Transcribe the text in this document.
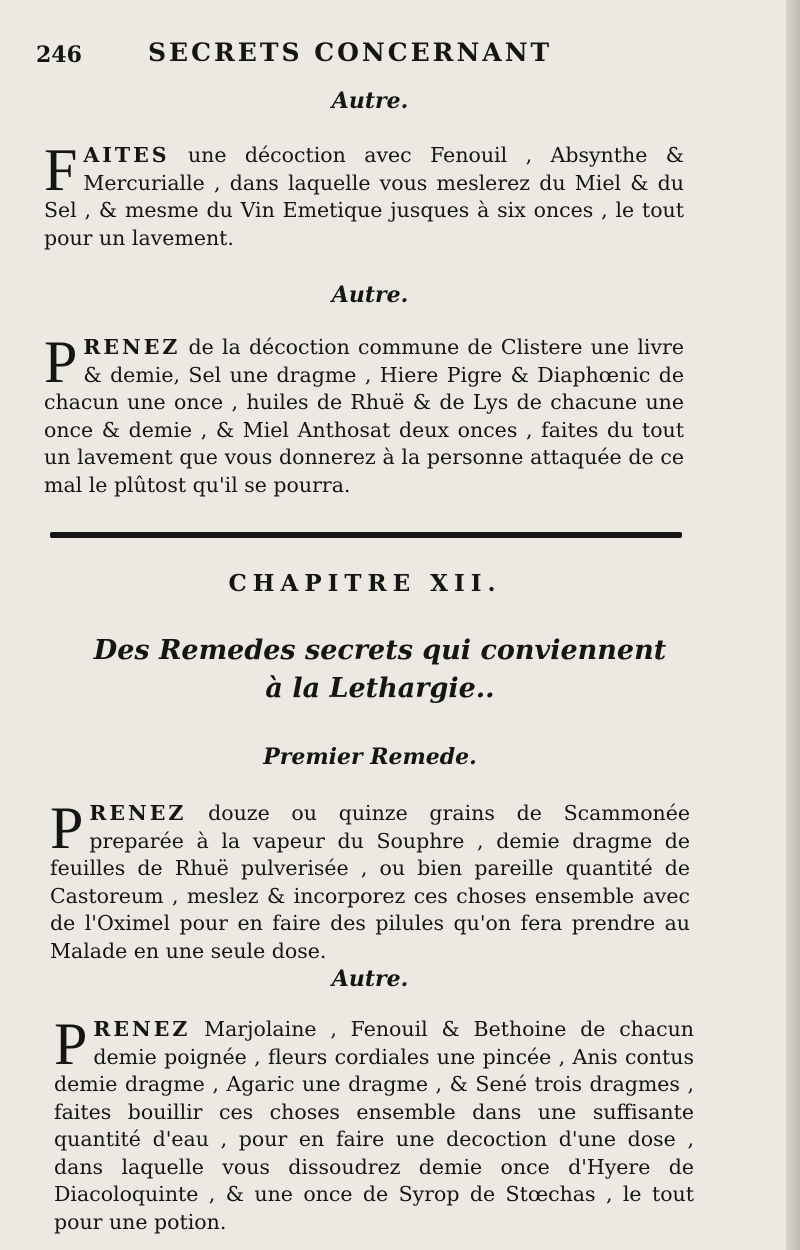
246	SECRETS CONCERNANT
Autre.
FAITES une décoction avec Fenouil , Absynthe & Mercurialle , dans laquelle vous meslerez du Miel & du Sel , & mesme du Vin Emetique jusques à six onces , le tout pour un lavement.
Autre.
PRENEZ de la décoction commune de Clistere une livre & demie, Sel une dragme , Hiere Pigre & Diaphœnic de chacun une once , huiles de Rhuë & de Lys de chacune une once & demie , & Miel Anthosat deux onces , faites du tout un lavement que vous donnerez à la personne attaquée de ce mal le plûtost qu'il se pourra.
CHAPITRE XII.
Des Remedes secrets qui conviennent
à la Lethargie..
Premier Remede.
PRENEZ douze ou quinze grains de Scammonée preparée à la vapeur du Souphre , demie dragme de feuilles de Rhuë pulverisée , ou bien pareille quantité de Castoreum , meslez & incorporez ces choses ensemble avec de l'Oximel pour en faire des pilules qu'on fera prendre au Malade en une seule dose.
Autre.
PRENEZ Marjolaine , Fenouil & Bethoine de chacun demie poignée , fleurs cordiales une pincée , Anis contus demie dragme , Agaric une dragme , & Sené trois dragmes , faites bouillir ces choses ensemble dans une suffisante quantité d'eau , pour en faire une decoction d'une dose , dans laquelle vous dissoudrez demie once d'Hyere de Diacoloquinte , & une once de Syrop de Stœchas , le tout pour une potion.
